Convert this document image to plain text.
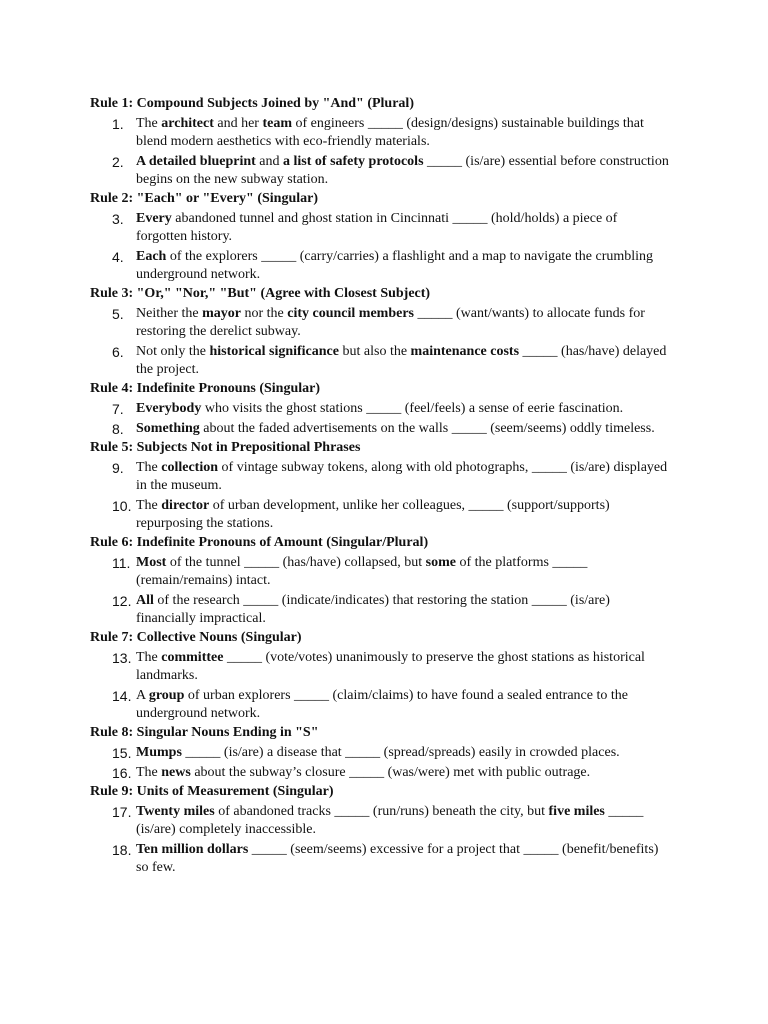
Rule 1: Compound Subjects Joined by "And" (Plural)
1. The architect and her team of engineers _____ (design/designs) sustainable buildings that blend modern aesthetics with eco-friendly materials.
2. A detailed blueprint and a list of safety protocols _____ (is/are) essential before construction begins on the new subway station.
Rule 2: "Each" or "Every" (Singular)
3. Every abandoned tunnel and ghost station in Cincinnati _____ (hold/holds) a piece of forgotten history.
4. Each of the explorers _____ (carry/carries) a flashlight and a map to navigate the crumbling underground network.
Rule 3: "Or," "Nor," "But" (Agree with Closest Subject)
5. Neither the mayor nor the city council members _____ (want/wants) to allocate funds for restoring the derelict subway.
6. Not only the historical significance but also the maintenance costs _____ (has/have) delayed the project.
Rule 4: Indefinite Pronouns (Singular)
7. Everybody who visits the ghost stations _____ (feel/feels) a sense of eerie fascination.
8. Something about the faded advertisements on the walls _____ (seem/seems) oddly timeless.
Rule 5: Subjects Not in Prepositional Phrases
9. The collection of vintage subway tokens, along with old photographs, _____ (is/are) displayed in the museum.
10. The director of urban development, unlike her colleagues, _____ (support/supports) repurposing the stations.
Rule 6: Indefinite Pronouns of Amount (Singular/Plural)
11. Most of the tunnel _____ (has/have) collapsed, but some of the platforms _____ (remain/remains) intact.
12. All of the research _____ (indicate/indicates) that restoring the station _____ (is/are) financially impractical.
Rule 7: Collective Nouns (Singular)
13. The committee _____ (vote/votes) unanimously to preserve the ghost stations as historical landmarks.
14. A group of urban explorers _____ (claim/claims) to have found a sealed entrance to the underground network.
Rule 8: Singular Nouns Ending in "S"
15. Mumps _____ (is/are) a disease that _____ (spread/spreads) easily in crowded places.
16. The news about the subway’s closure _____ (was/were) met with public outrage.
Rule 9: Units of Measurement (Singular)
17. Twenty miles of abandoned tracks _____ (run/runs) beneath the city, but five miles _____ (is/are) completely inaccessible.
18. Ten million dollars _____ (seem/seems) excessive for a project that _____ (benefit/benefits) so few.
